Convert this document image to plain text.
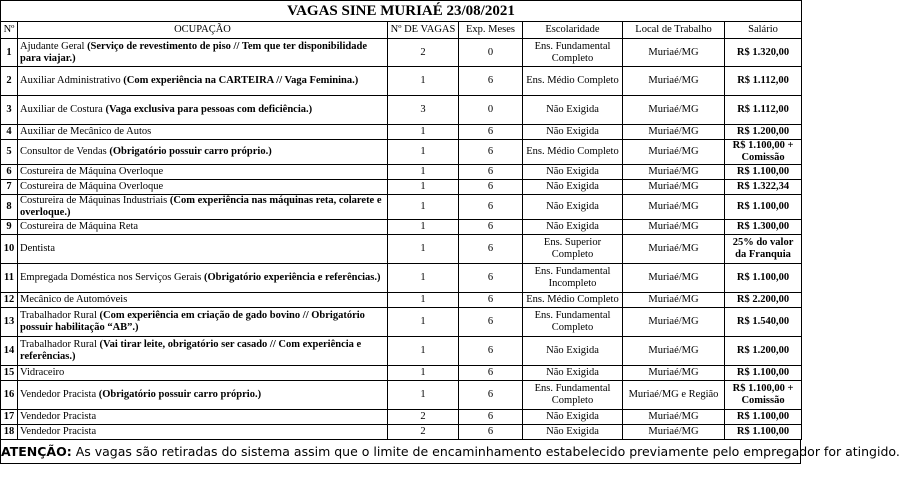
VAGAS SINE MURIAÉ 23/08/2021						
Nº	OCUPAÇÃO	Nº DE VAGAS	Exp. Meses	Escolaridade	Local de Trabalho	Salário
1	Ajudante Geral (Serviço de revestimento de piso // Tem que ter disponibilidade para viajar.)	2	0	Ens. Fundamental Completo	Muriaé/MG	R$ 1.320,00
2	Auxiliar Administrativo (Com experiência na CARTEIRA // Vaga Feminina.)	1	6	Ens. Médio Completo	Muriaé/MG	R$ 1.112,00
3	Auxiliar de Costura (Vaga exclusiva para pessoas com deficiência.)	3	0	Não Exigida	Muriaé/MG	R$ 1.112,00
4	Auxiliar de Mecânico de Autos	1	6	Não Exigida	Muriaé/MG	R$ 1.200,00
5	Consultor de Vendas (Obrigatório possuir carro próprio.)	1	6	Ens. Médio Completo	Muriaé/MG	R$ 1.100,00 + Comissão
6	Costureira de Máquina Overloque	1	6	Não Exigida	Muriaé/MG	R$ 1.100,00
7	Costureira de Máquina Overloque	1	6	Não Exigida	Muriaé/MG	R$ 1.322,34
8	Costureira de Máquinas Industriais (Com experiência nas máquinas reta, colarete e overloque.)	1	6	Não Exigida	Muriaé/MG	R$ 1.100,00
9	Costureira de Máquina Reta	1	6	Não Exigida	Muriaé/MG	R$ 1.300,00
10	Dentista	1	6	Ens. Superior Completo	Muriaé/MG	25% do valor da Franquia
11	Empregada Doméstica nos Serviços Gerais (Obrigatório experiência e referências.)	1	6	Ens. Fundamental Incompleto	Muriaé/MG	R$ 1.100,00
12	Mecânico de Automóveis	1	6	Ens. Médio Completo	Muriaé/MG	R$ 2.200,00
13	Trabalhador Rural (Com experiência em criação de gado bovino // Obrigatório possuir habilitação “AB”.)	1	6	Ens. Fundamental Completo	Muriaé/MG	R$ 1.540,00
14	Trabalhador Rural (Vai tirar leite, obrigatório ser casado // Com experiência e referências.)	1	6	Não Exigida	Muriaé/MG	R$ 1.200,00
15	Vidraceiro	1	6	Não Exigida	Muriaé/MG	R$ 1.100,00
16	Vendedor Pracista (Obrigatório possuir carro próprio.)	1	6	Ens. Fundamental Completo	Muriaé/MG e Região	R$ 1.100,00 + Comissão
17	Vendedor Pracista	2	6	Não Exigida	Muriaé/MG	R$ 1.100,00
18	Vendedor Pracista	2	6	Não Exigida	Muriaé/MG	R$ 1.100,00
ATENÇÃO: As vagas são retiradas do sistema assim que o limite de encaminhamento estabelecido previamente pelo empregador for atingido.
